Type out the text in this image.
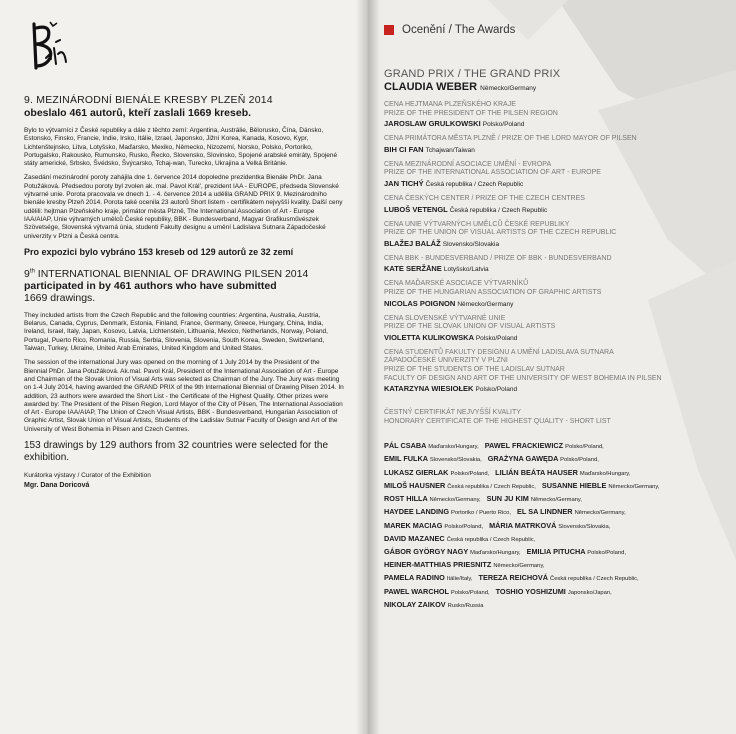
9. MEZINÁRODNÍ BIENÁLE KRESBY PLZEŇ 2014

obeslalo 461 autorů, kteří zaslali 1669 kreseb.

Bylo to výtvarníci z České republiky a dále z těchto zemí: Argentina, Austrálie, Bělorusko, Čína, Dánsko, Estonsko, Finsko, Francie, Indie, Irsko, Itálie, Izrael, Japonsko, Jižní Korea, Kanada, Kosovo, Kypr, Lichtenštejnsko, Litva, Lotyšsko, Maďarsko, Mexiko, Německo, Nizozemí, Norsko, Polsko, Portoriko, Portugalsko, Rakousko, Rumunsko, Rusko, Řecko, Slovensko, Slovinsko, Spojené arabské emiráty, Spojené státy americké, Srbsko, Švédsko, Švýcarsko, Tchaj-wan, Turecko, Ukrajina a Velká Británie.

Zasedání mezinárodní poroty zahájila dne 1. července 2014 dopoledne prezidentka Bienále PhDr. Jana Potužáková. Předsedou poroty byl zvolen ak. mal. Pavol Král', prezident IAA - EUROPE, předseda Slovenské výtvarné unie. Porota pracovala ve dnech 1. - 4. července 2014 a udělila GRAND PRIX 9. Mezinárodního bienále kresby Plzeň 2014. Porota také ocenila 23 autorů Short listem - certifikátem nejvyšší kvality. Další ceny udělili: hejtman Plzeňského kraje, primátor města Plzně, The International Association of Art - Europe IAA/AIAP, Unie výtvarných umělců České republiky, BBK - Bundesverband, Magyar Grafikusművészek Szövetsége, Slovenská výtvarná únia, studenti Fakulty designu a umění Ladislava Sutnara Západočeské univerzity v Plzni a Česká centra.

Pro expozici bylo vybráno 153 kreseb od 129 autorů ze 32 zemí

9th INTERNATIONAL BIENNIAL OF DRAWING PILSEN 2014

participated in by 461 authors who have submitted

1669 drawings.

They included artists from the Czech Republic and the following countries: Argentina, Australia, Austria, Belarus, Canada, Cyprus, Denmark, Estonia, Finland, France, Germany, Greece, Hungary, China, India, Ireland, Israel, Italy, Japan, Kosovo, Latvia, Lichtenstein, Lithuania, Mexico, Netherlands, Norway, Poland, Portugal, Puerto Rico, Romania, Russia, Serbia, Slovenia, Slovenia, South Korea, Sweden, Switzerland, Taiwan, Turkey, Ukraine, United Arab Emirates, United Kingdom and United States.

The session of the international Jury was opened on the morning of 1 July 2014 by the President of the Biennial PhDr. Jana Potužáková. Ak.mal. Pavol Král, President of the International Association of Art - Europe and Chairman of the Slovak Union of Visual Arts was selected as Chairman of the Jury. The Jury was meeting on 1-4 July 2014, having awarded the GRAND PRIX of the 9th International Biennial of Drawing Pilsen 2014. In addition, 23 authors were awarded the Short List - the Certificate of the Highest Quality. Other prizes were awarded by: The President of the Pilsen Region, Lord Mayor of the City of Pilsen, The International Association of Art - Europe IAA/AIAP, The Union of Czech Visual Artists, BBK - Bundesverband, Hungarian Association of Graphic Artist, Slovak Union of Visual Artists, Students of the Ladislav Sutnar Faculty of Design and Art of the University of West Bohemia in Pilsen and Czech Centres.

153 drawings by 129 authors from 32 countries were selected for the exhibition.

Kurátorka výstavy / Curator of the Exhibition

Mgr. Dana Doricová

Ocenění / The Awards

GRAND PRIX / THE GRAND PRIX

CLAUDIA WEBER Německo/Germany

CENA HEJTMANA PLZEŇSKÉHO KRAJE
PRIZE OF THE PRESIDENT OF THE PILSEN REGION

JAROSLAW GRULKOWSKI Polsko/Poland

CENA PRIMÁTORA MĚSTA PLZNĚ / PRIZE OF THE LORD MAYOR OF PILSEN

BIH CI FAN Tchajwan/Taiwan

CENA MEZINÁRODNÍ ASOCIACE UMĚNÍ - EVROPA
PRIZE OF THE INTERNATIONAL ASSOCIATION OF ART - EUROPE

JAN TICHÝ Česká republika / Czech Republic

CENA ČESKÝCH CENTER / PRIZE OF THE CZECH CENTRES

LUBOŠ VETENGL Česká republika / Czech Republic

CENA UNIE VÝTVARNÝCH UMĚLCŮ ČESKÉ REPUBLIKY
PRIZE OF THE UNION OF VISUAL ARTISTS OF THE CZECH REPUBLIC

BLAŽEJ BALÁŽ Slovensko/Slovakia

CENA BBK - BUNDESVERBAND / PRIZE OF BBK - BUNDESVERBAND

KATE SERŽĀNE Lotyšsko/Latvia

CENA MAĎARSKÉ ASOCIACE VÝTVARNÍKŮ
PRIZE OF THE HUNGARIAN ASSOCIATION OF GRAPHIC ARTISTS

NICOLAS POIGNON Německo/Germany

CENA SLOVENSKÉ VÝTVARNÉ UNIE
PRIZE OF THE SLOVAK UNION OF VISUAL ARTISTS

VIOLETTA KULIKOWSKA Polsko/Poland

CENA STUDENTŮ FAKULTY DESIGNU A UMĚNÍ LADISLAVA SUTNARA
ZÁPADOČESKÉ UNIVERZITY V PLZNI
PRIZE OF THE STUDENTS OF THE LADISLAV SUTNAR
FACULTY OF DESIGN AND ART OF THE UNIVERSITY OF WEST BOHEMIA IN PILSEN

KATARZYNA WIESIOŁEK Polsko/Poland

ČESTNÝ CERTIFIKÁT NEJVYŠŠÍ KVALITY
HONORARY CERTIFICATE OF THE HIGHEST QUALITY - SHORT LIST

PÁL CSABA Maďarsko/Hungary, PAWEL FRACKIEWICZ Polsko/Poland,
EMIL FULKA Slovensko/Slovakia, GRAŻYNA GAWĘDA Polsko/Poland,
LUKASZ GIERLAK Polsko/Poland, LILIÁN BEÁTA HAUSER Maďarsko/Hungary,
MILOŠ HAUSNER Česká republika / Czech Republic, SUSANNE HIEBLE Německo/Germany,
ROST HILLA Německo/Germany, SUN JU KIM Německo/Germany,
HAYDEE LANDING Portoriko / Puerto Rico, EL SA LINDNER Německo/Germany,
MAREK MACIAG Polsko/Poland, MÁRIA MATRKOVÁ Slovensko/Slovakia,
DAVID MAZANEC Česká republika / Czech Republic,
GÁBOR GYÖRGY NAGY Maďarsko/Hungary, EMILIA PITUCHA Polsko/Poland,
HEINER-MATTHIAS PRIESNITZ Německo/Germany,
PAMELA RADINO Itálie/Italy, TEREZA REICHOVÁ Česká republika / Czech Republic,
PAWEL WARCHOL Polsko/Poland, TOSHIO YOSHIZUMI Japonsko/Japan,
NIKOLAY ZAIKOV Rusko/Russia
